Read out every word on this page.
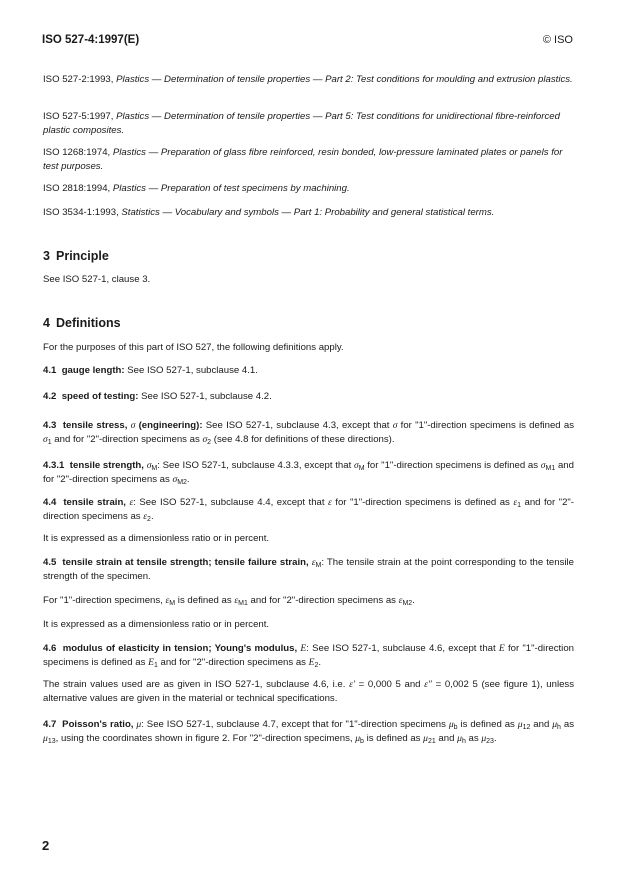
ISO 527-4:1997(E)	© ISO
ISO 527-2:1993, Plastics — Determination of tensile properties — Part 2: Test conditions for moulding and extrusion plastics.
ISO 527-5:1997, Plastics — Determination of tensile properties — Part 5: Test conditions for unidirectional fibre-reinforced plastic composites.
ISO 1268:1974, Plastics — Preparation of glass fibre reinforced, resin bonded, low-pressure laminated plates or panels for test purposes.
ISO 2818:1994, Plastics — Preparation of test specimens by machining.
ISO 3534-1:1993, Statistics — Vocabulary and symbols — Part 1: Probability and general statistical terms.
3 Principle
See ISO 527-1, clause 3.
4 Definitions
For the purposes of this part of ISO 527, the following definitions apply.
4.1 gauge length: See ISO 527-1, subclause 4.1.
4.2 speed of testing: See ISO 527-1, subclause 4.2.
4.3 tensile stress, σ (engineering): See ISO 527-1, subclause 4.3, except that σ for "1"-direction specimens is defined as $\sigma_1$ and for "2"-direction specimens as $\sigma_2$ (see 4.8 for definitions of these directions).
4.3.1 tensile strength, $\sigma_M$: See ISO 527-1, subclause 4.3.3, except that $\sigma_M$ for "1"-direction specimens is defined as $\sigma_{M1}$ and for "2"-direction specimens as $\sigma_{M2}$.
4.4 tensile strain, ε: See ISO 527-1, subclause 4.4, except that ε for "1"-direction specimens is defined as $\varepsilon_1$ and for "2"-direction specimens as $\varepsilon_2$.
It is expressed as a dimensionless ratio or in percent.
4.5 tensile strain at tensile strength; tensile failure strain, $\varepsilon_M$: The tensile strain at the point corresponding to the tensile strength of the specimen.
For "1"-direction specimens, $\varepsilon_M$ is defined as $\varepsilon_{M1}$ and for "2"-direction specimens as $\varepsilon_{M2}$.
It is expressed as a dimensionless ratio or in percent.
4.6 modulus of elasticity in tension; Young's modulus, E: See ISO 527-1, subclause 4.6, except that E for "1"-direction specimens is defined as $E_1$ and for "2"-direction specimens as $E_2$.
The strain values used are as given in ISO 527-1, subclause 4.6, i.e. ε′ = 0,000 5 and ε″ = 0,002 5 (see figure 1), unless alternative values are given in the material or technical specifications.
4.7 Poisson's ratio, μ: See ISO 527-1, subclause 4.7, except that for "1"-direction specimens $\mu_b$ is defined as $\mu_{12}$ and $\mu_h$ as $\mu_{13}$, using the coordinates shown in figure 2. For "2"-direction specimens, $\mu_b$ is defined as $\mu_{21}$ and $\mu_h$ as $\mu_{23}$.
2
